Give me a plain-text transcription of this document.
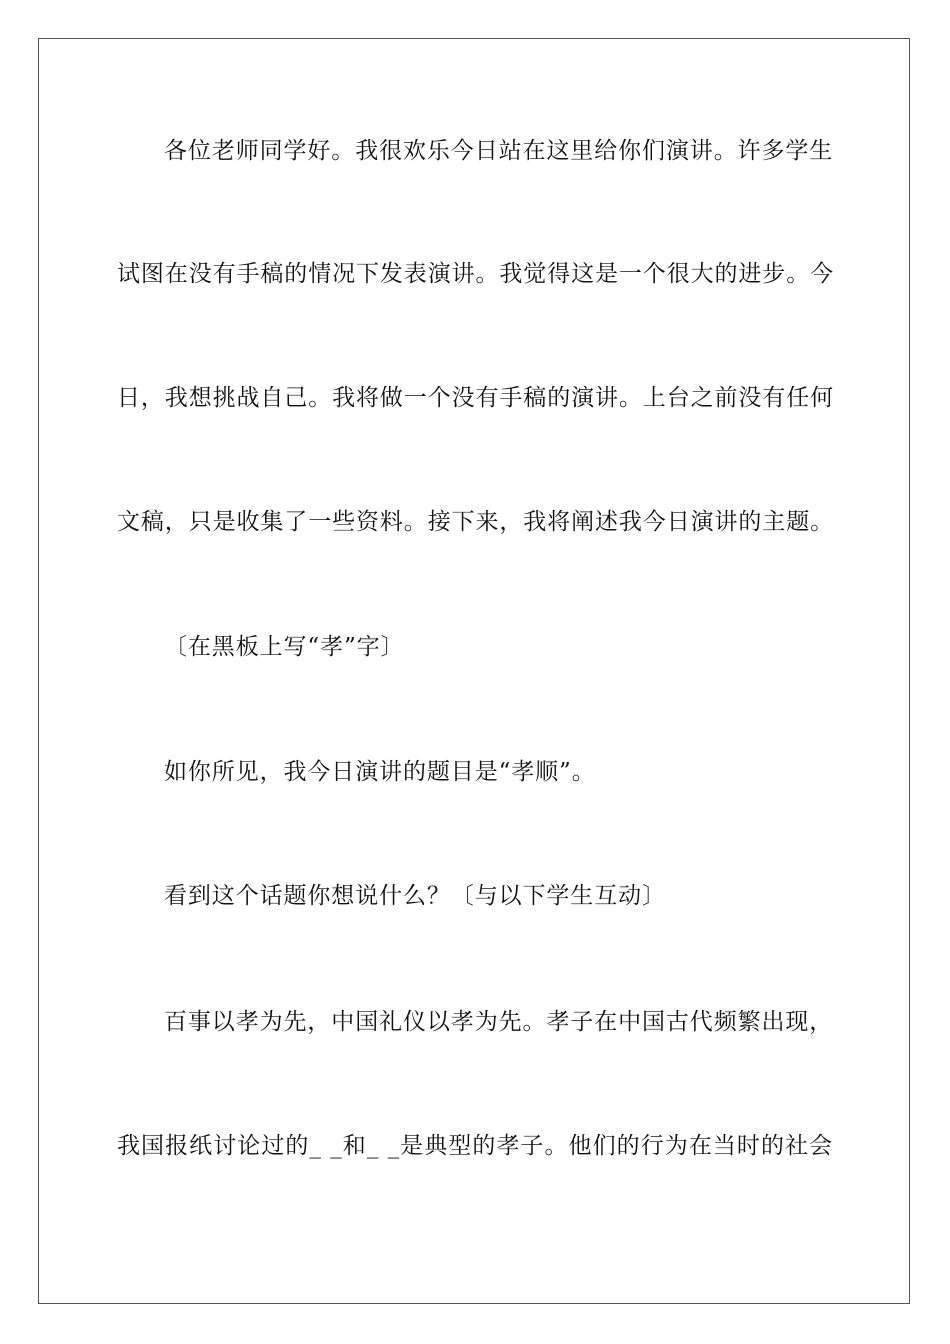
各位老师同学好。我很欢乐今日站在这里给你们演讲。许多学生
试图在没有手稿的情况下发表演讲。我觉得这是一个很大的进步。今
日，我想挑战自己。我将做一个没有手稿的演讲。上台之前没有任何
文稿，只是收集了一些资料。接下来，我将阐述我今日演讲的主题。
〔在黑板上写“孝”字〕
如你所见，我今日演讲的题目是“孝顺”。
看到这个话题你想说什么？〔与以下学生互动〕
百事以孝为先，中国礼仪以孝为先。孝子在中国古代频繁出现，
我国报纸讨论过的_ _和_ _是典型的孝子。他们的行为在当时的社会
